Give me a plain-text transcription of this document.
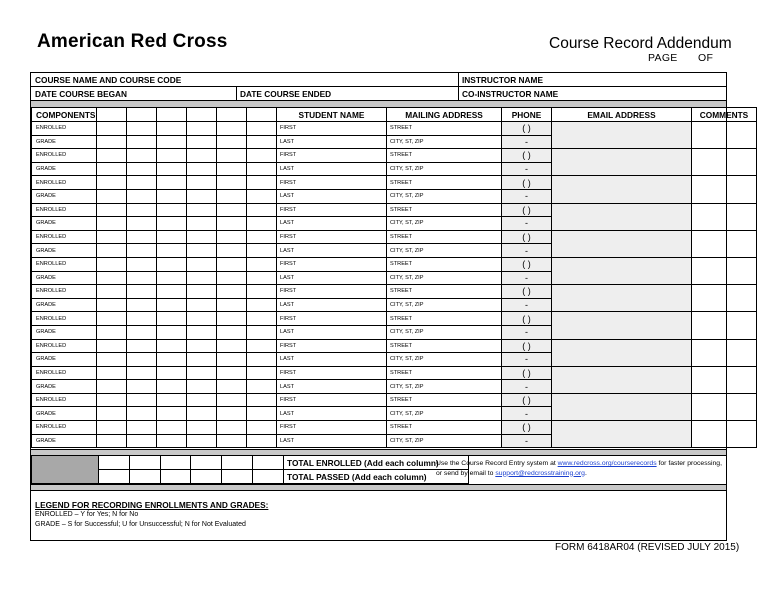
American Red Cross	Course Record Addendum
PAGE OF
COURSE NAME AND COURSE CODE	INSTRUCTOR NAME
DATE COURSE BEGAN	DATE COURSE ENDED	CO-INSTRUCTOR NAME
COMPONENTS							STUDENT NAME	MAILING ADDRESS	PHONE	EMAIL ADDRESS	COMMENTS
ENROLLED							FIRST	STREET	( )		
GRADE							LAST	CITY, ST, ZIP	-		
ENROLLED							FIRST	STREET	( )		
GRADE							LAST	CITY, ST, ZIP	-		
ENROLLED							FIRST	STREET	( )		
GRADE							LAST	CITY, ST, ZIP	-		
ENROLLED							FIRST	STREET	( )		
GRADE							LAST	CITY, ST, ZIP	-		
ENROLLED							FIRST	STREET	( )		
GRADE							LAST	CITY, ST, ZIP	-		
ENROLLED							FIRST	STREET	( )		
GRADE							LAST	CITY, ST, ZIP	-		
ENROLLED							FIRST	STREET	( )		
GRADE							LAST	CITY, ST, ZIP	-		
ENROLLED							FIRST	STREET	( )		
GRADE							LAST	CITY, ST, ZIP	-		
ENROLLED							FIRST	STREET	( )		
GRADE							LAST	CITY, ST, ZIP	-		
ENROLLED							FIRST	STREET	( )		
GRADE							LAST	CITY, ST, ZIP	-		
ENROLLED							FIRST	STREET	( )		
GRADE							LAST	CITY, ST, ZIP	-		
ENROLLED							FIRST	STREET	( )		
GRADE							LAST	CITY, ST, ZIP	-		
							TOTAL ENROLLED (Add each column)	
							TOTAL PASSED (Add each column)	
Use the Course Record Entry system at www.redcross.org/courserecords for faster processing, or send by email to support@redcrosstraining.org.
LEGEND FOR RECORDING ENROLLMENTS AND GRADES:
ENROLLED – Y for Yes; N for No
GRADE – S for Successful; U for Unsuccessful; N for Not Evaluated
FORM 6418AR04 (REVISED JULY 2015)
